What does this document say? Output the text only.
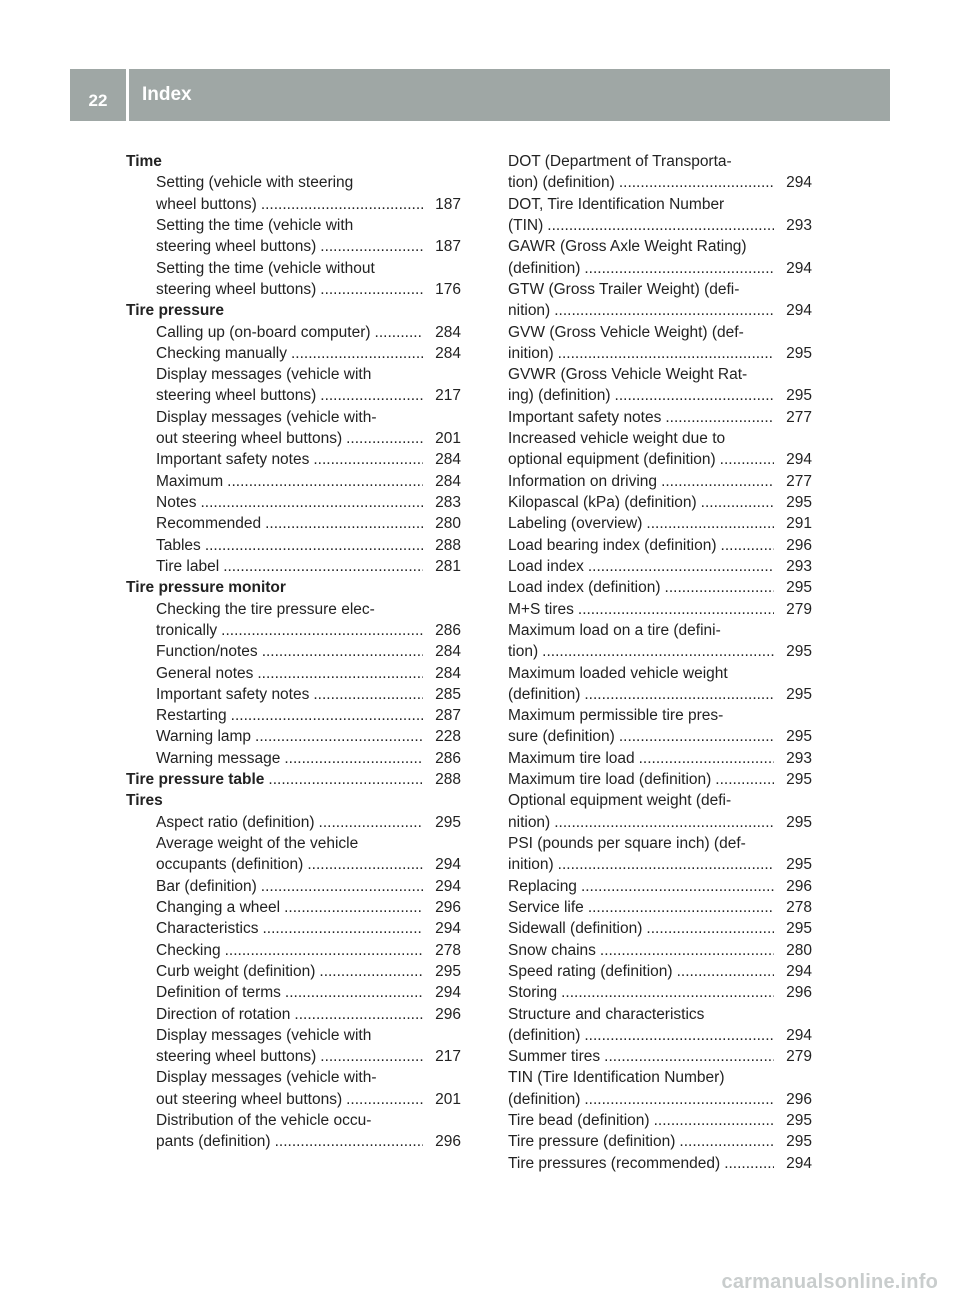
22	Index
Time
Setting (vehicle with steering
wheel buttons) .....	187
Setting the time (vehicle with
steering wheel buttons) .....	187
Setting the time (vehicle without
steering wheel buttons) .....	176
Tire pressure
Calling up (on-board computer) .....	284
Checking manually .....	284
Display messages (vehicle with
steering wheel buttons) .....	217
Display messages (vehicle with-
out steering wheel buttons) .....	201
Important safety notes .....	284
Maximum .....	284
Notes .....	283
Recommended .....	280
Tables .....	288
Tire label .....	281
Tire pressure monitor
Checking the tire pressure elec-
tronically .....	286
Function/notes .....	284
General notes .....	284
Important safety notes .....	285
Restarting .....	287
Warning lamp .....	228
Warning message .....	286
Tire pressure table .....	288
Tires
Aspect ratio (definition) .....	295
Average weight of the vehicle
occupants (definition) .....	294
Bar (definition) .....	294
Changing a wheel .....	296
Characteristics .....	294
Checking .....	278
Curb weight (definition) .....	295
Definition of terms .....	294
Direction of rotation .....	296
Display messages (vehicle with
steering wheel buttons) .....	217
Display messages (vehicle with-
out steering wheel buttons) .....	201
Distribution of the vehicle occu-
pants (definition) .....	296
DOT (Department of Transporta-
tion) (definition) .....	294
DOT, Tire Identification Number
(TIN) .....	293
GAWR (Gross Axle Weight Rating)
(definition) .....	294
GTW (Gross Trailer Weight) (defi-
nition) .....	294
GVW (Gross Vehicle Weight) (def-
inition) .....	295
GVWR (Gross Vehicle Weight Rat-
ing) (definition) .....	295
Important safety notes .....	277
Increased vehicle weight due to
optional equipment (definition) .....	294
Information on driving .....	277
Kilopascal (kPa) (definition) .....	295
Labeling (overview) .....	291
Load bearing index (definition) .....	296
Load index .....	293
Load index (definition) .....	295
M+S tires .....	279
Maximum load on a tire (defini-
tion) .....	295
Maximum loaded vehicle weight
(definition) .....	295
Maximum permissible tire pres-
sure (definition) .....	295
Maximum tire load .....	293
Maximum tire load (definition) .....	295
Optional equipment weight (defi-
nition) .....	295
PSI (pounds per square inch) (def-
inition) .....	295
Replacing .....	296
Service life .....	278
Sidewall (definition) .....	295
Snow chains .....	280
Speed rating (definition) .....	294
Storing .....	296
Structure and characteristics
(definition) .....	294
Summer tires .....	279
TIN (Tire Identification Number)
(definition) .....	296
Tire bead (definition) .....	295
Tire pressure (definition) .....	295
Tire pressures (recommended) .....	294
carmanualsonline.info
